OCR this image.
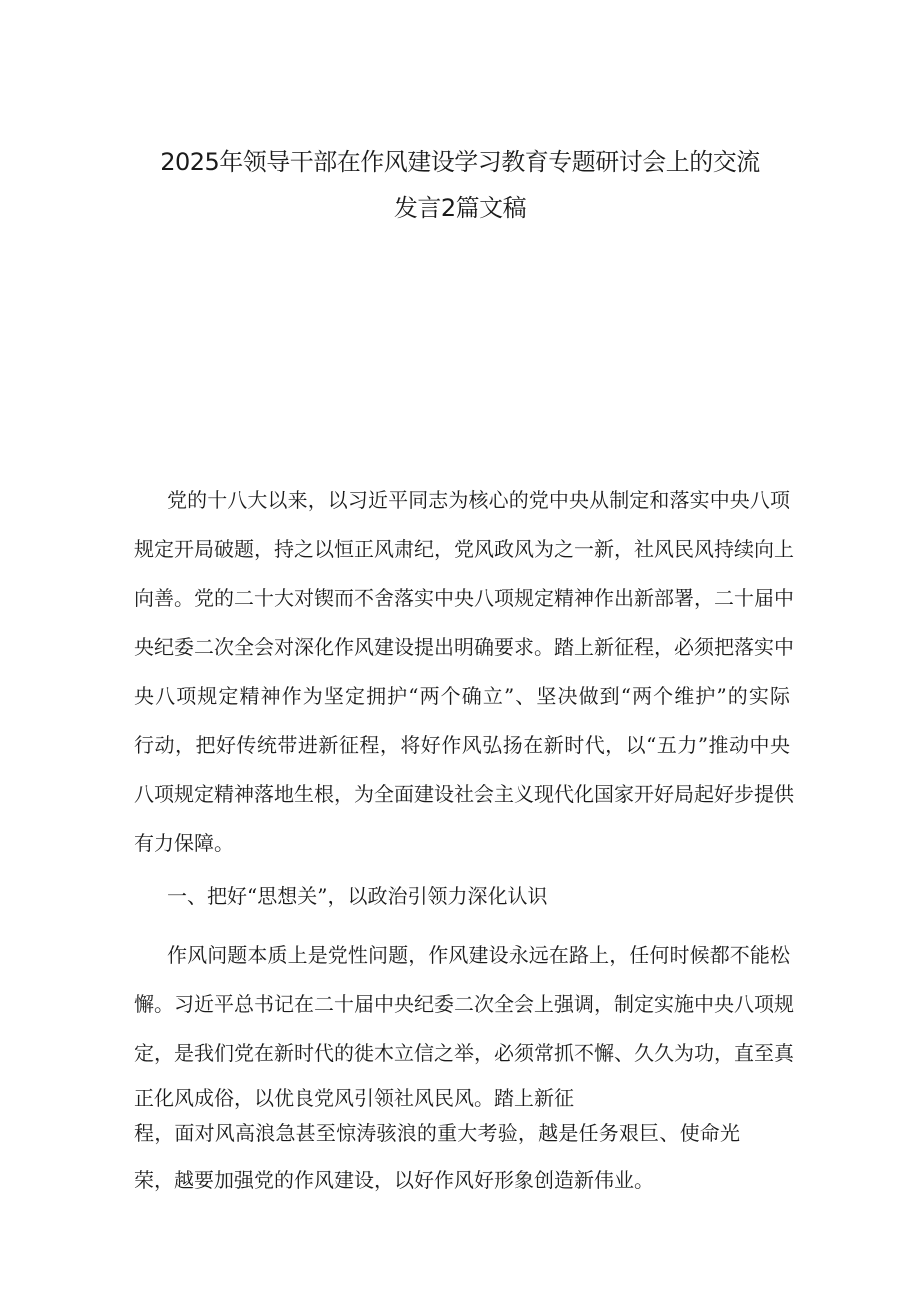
2025年领导干部在作风建设学习教育专题研讨会上的交流
发言2篇文稿
党的十八大以来，以习近平同志为核心的党中央从制定和落实中央八项
规定开局破题，持之以恒正风肃纪，党风政风为之一新，社风民风持续向上
向善。党的二十大对锲而不舍落实中央八项规定精神作出新部署，二十届中
央纪委二次全会对深化作风建设提出明确要求。踏上新征程，必须把落实中
央八项规定精神作为坚定拥护“两个确立”、坚决做到“两个维护”的实际
行动，把好传统带进新征程，将好作风弘扬在新时代，以“五力”推动中央
八项规定精神落地生根，为全面建设社会主义现代化国家开好局起好步提供
有力保障。
一、把好“思想关”，以政治引领力深化认识
作风问题本质上是党性问题，作风建设永远在路上，任何时候都不能松
懈。习近平总书记在二十届中央纪委二次全会上强调，制定实施中央八项规
定，是我们党在新时代的徙木立信之举，必须常抓不懈、久久为功，直至真
正化风成俗，以优良党风引领社风民风。踏上新征
程，面对风高浪急甚至惊涛骇浪的重大考验，越是任务艰巨、使命光
荣，越要加强党的作风建设，以好作风好形象创造新伟业。
